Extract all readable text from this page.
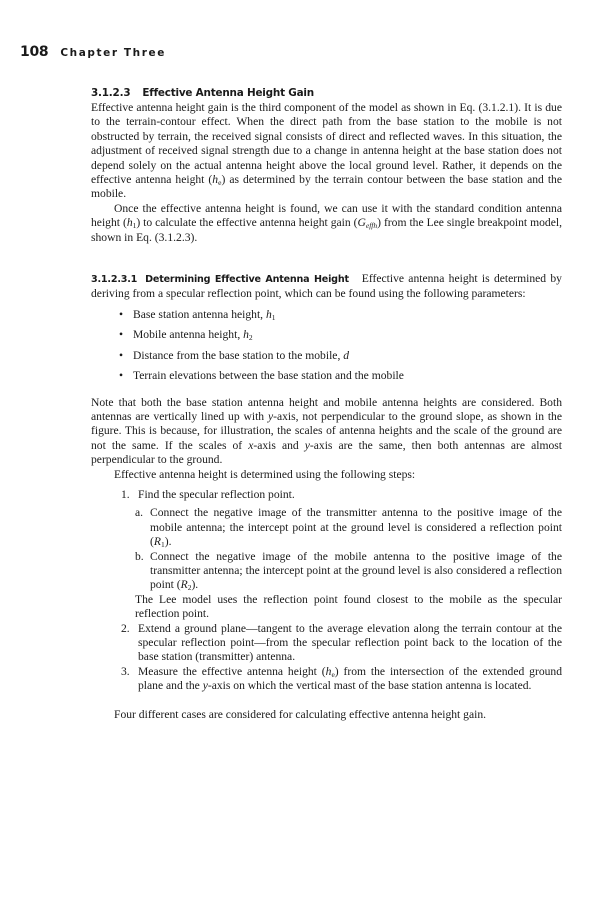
108 Chapter Three
3.1.2.3 Effective Antenna Height Gain

Effective antenna height gain is the third component of the model as shown in Eq. (3.1.2.1). It is due to the terrain-contour effect. When the direct path from the base station to the mobile is not obstructed by terrain, the received signal consists of direct and reflected waves. In this situation, the adjustment of received signal strength due to a change in antenna height at the base station does not depend solely on the actual antenna height above the local ground level. Rather, it depends on the effective antenna height $(h_e)$ as determined by the terrain contour between the base station and the mobile.

Once the effective antenna height is found, we can use it with the standard condition antenna height $(h_1)$ to calculate the effective antenna height gain $(G_{effh})$ from the Lee single breakpoint model, shown in Eq. (3.1.2.3).

3.1.2.3.1 Determining Effective Antenna Height Effective antenna height is determined by deriving from a specular reflection point, which can be found using the following parameters:

• Base station antenna height, $h_1$
• Mobile antenna height, $h_2$
• Distance from the base station to the mobile, d
• Terrain elevations between the base station and the mobile

Note that both the base station antenna height and mobile antenna heights are considered. Both antennas are vertically lined up with y-axis, not perpendicular to the ground slope, as shown in the figure. This is because, for illustration, the scales of antenna heights and the scale of the ground are not the same. If the scales of x-axis and y-axis are the same, then both antennas are almost perpendicular to the ground.

Effective antenna height is determined using the following steps:

1. Find the specular reflection point.

a. Connect the negative image of the transmitter antenna to the positive image of the mobile antenna; the intercept point at the ground level is considered a reflection point $(R_1)$.

b. Connect the negative image of the mobile antenna to the positive image of the transmitter antenna; the intercept point at the ground level is also considered a reflection point $(R_2)$.

The Lee model uses the reflection point found closest to the mobile as the specular reflection point.

2. Extend a ground plane—tangent to the average elevation along the terrain contour at the specular reflection point—from the specular reflection point back to the location of the base station (transmitter) antenna.

3. Measure the effective antenna height $(h_e)$ from the intersection of the extended ground plane and the y-axis on which the vertical mast of the base station antenna is located.

Four different cases are considered for calculating effective antenna height gain.
